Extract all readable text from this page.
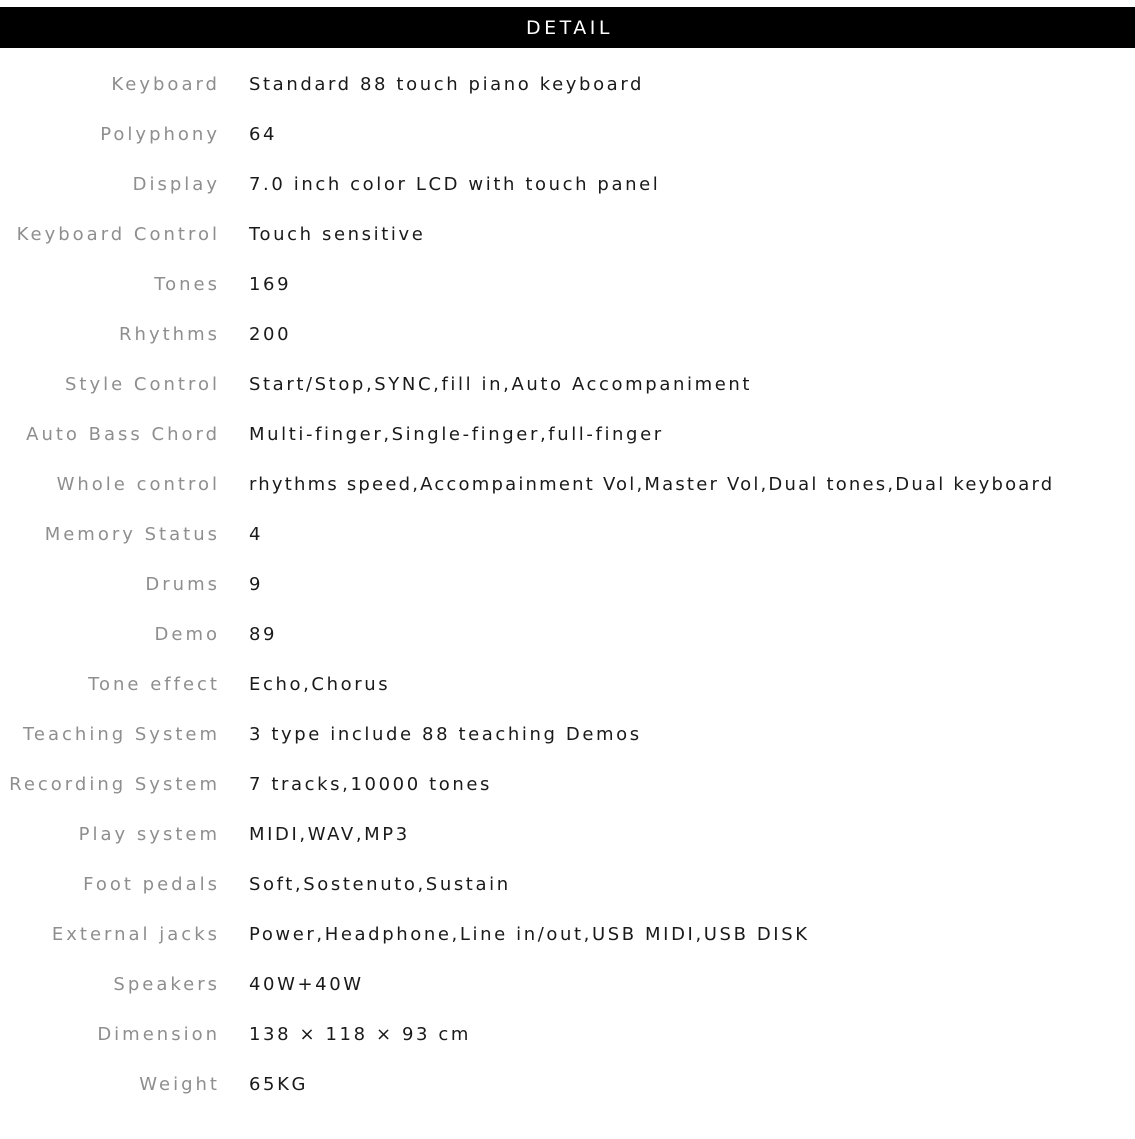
DETAIL
Keyboard Standard 88 touch piano keyboard
Polyphony 64
Display 7.0 inch color LCD with touch panel
Keyboard Control Touch sensitive
Tones 169
Rhythms 200
Style Control Start/Stop,SYNC,fill in,Auto Accompaniment
Auto Bass Chord Multi-finger,Single-finger,full-finger
Whole control rhythms speed,Accompainment Vol,Master Vol,Dual tones,Dual keyboard
Memory Status 4
Drums 9
Demo 89
Tone effect Echo,Chorus
Teaching System 3 type include 88 teaching Demos
Recording System 7 tracks,10000 tones
Play system MIDI,WAV,MP3
Foot pedals Soft,Sostenuto,Sustain
External jacks Power,Headphone,Line in/out,USB MIDI,USB DISK
Speakers 40W+40W
Dimension 138 × 118 × 93 cm
Weight 65KG
